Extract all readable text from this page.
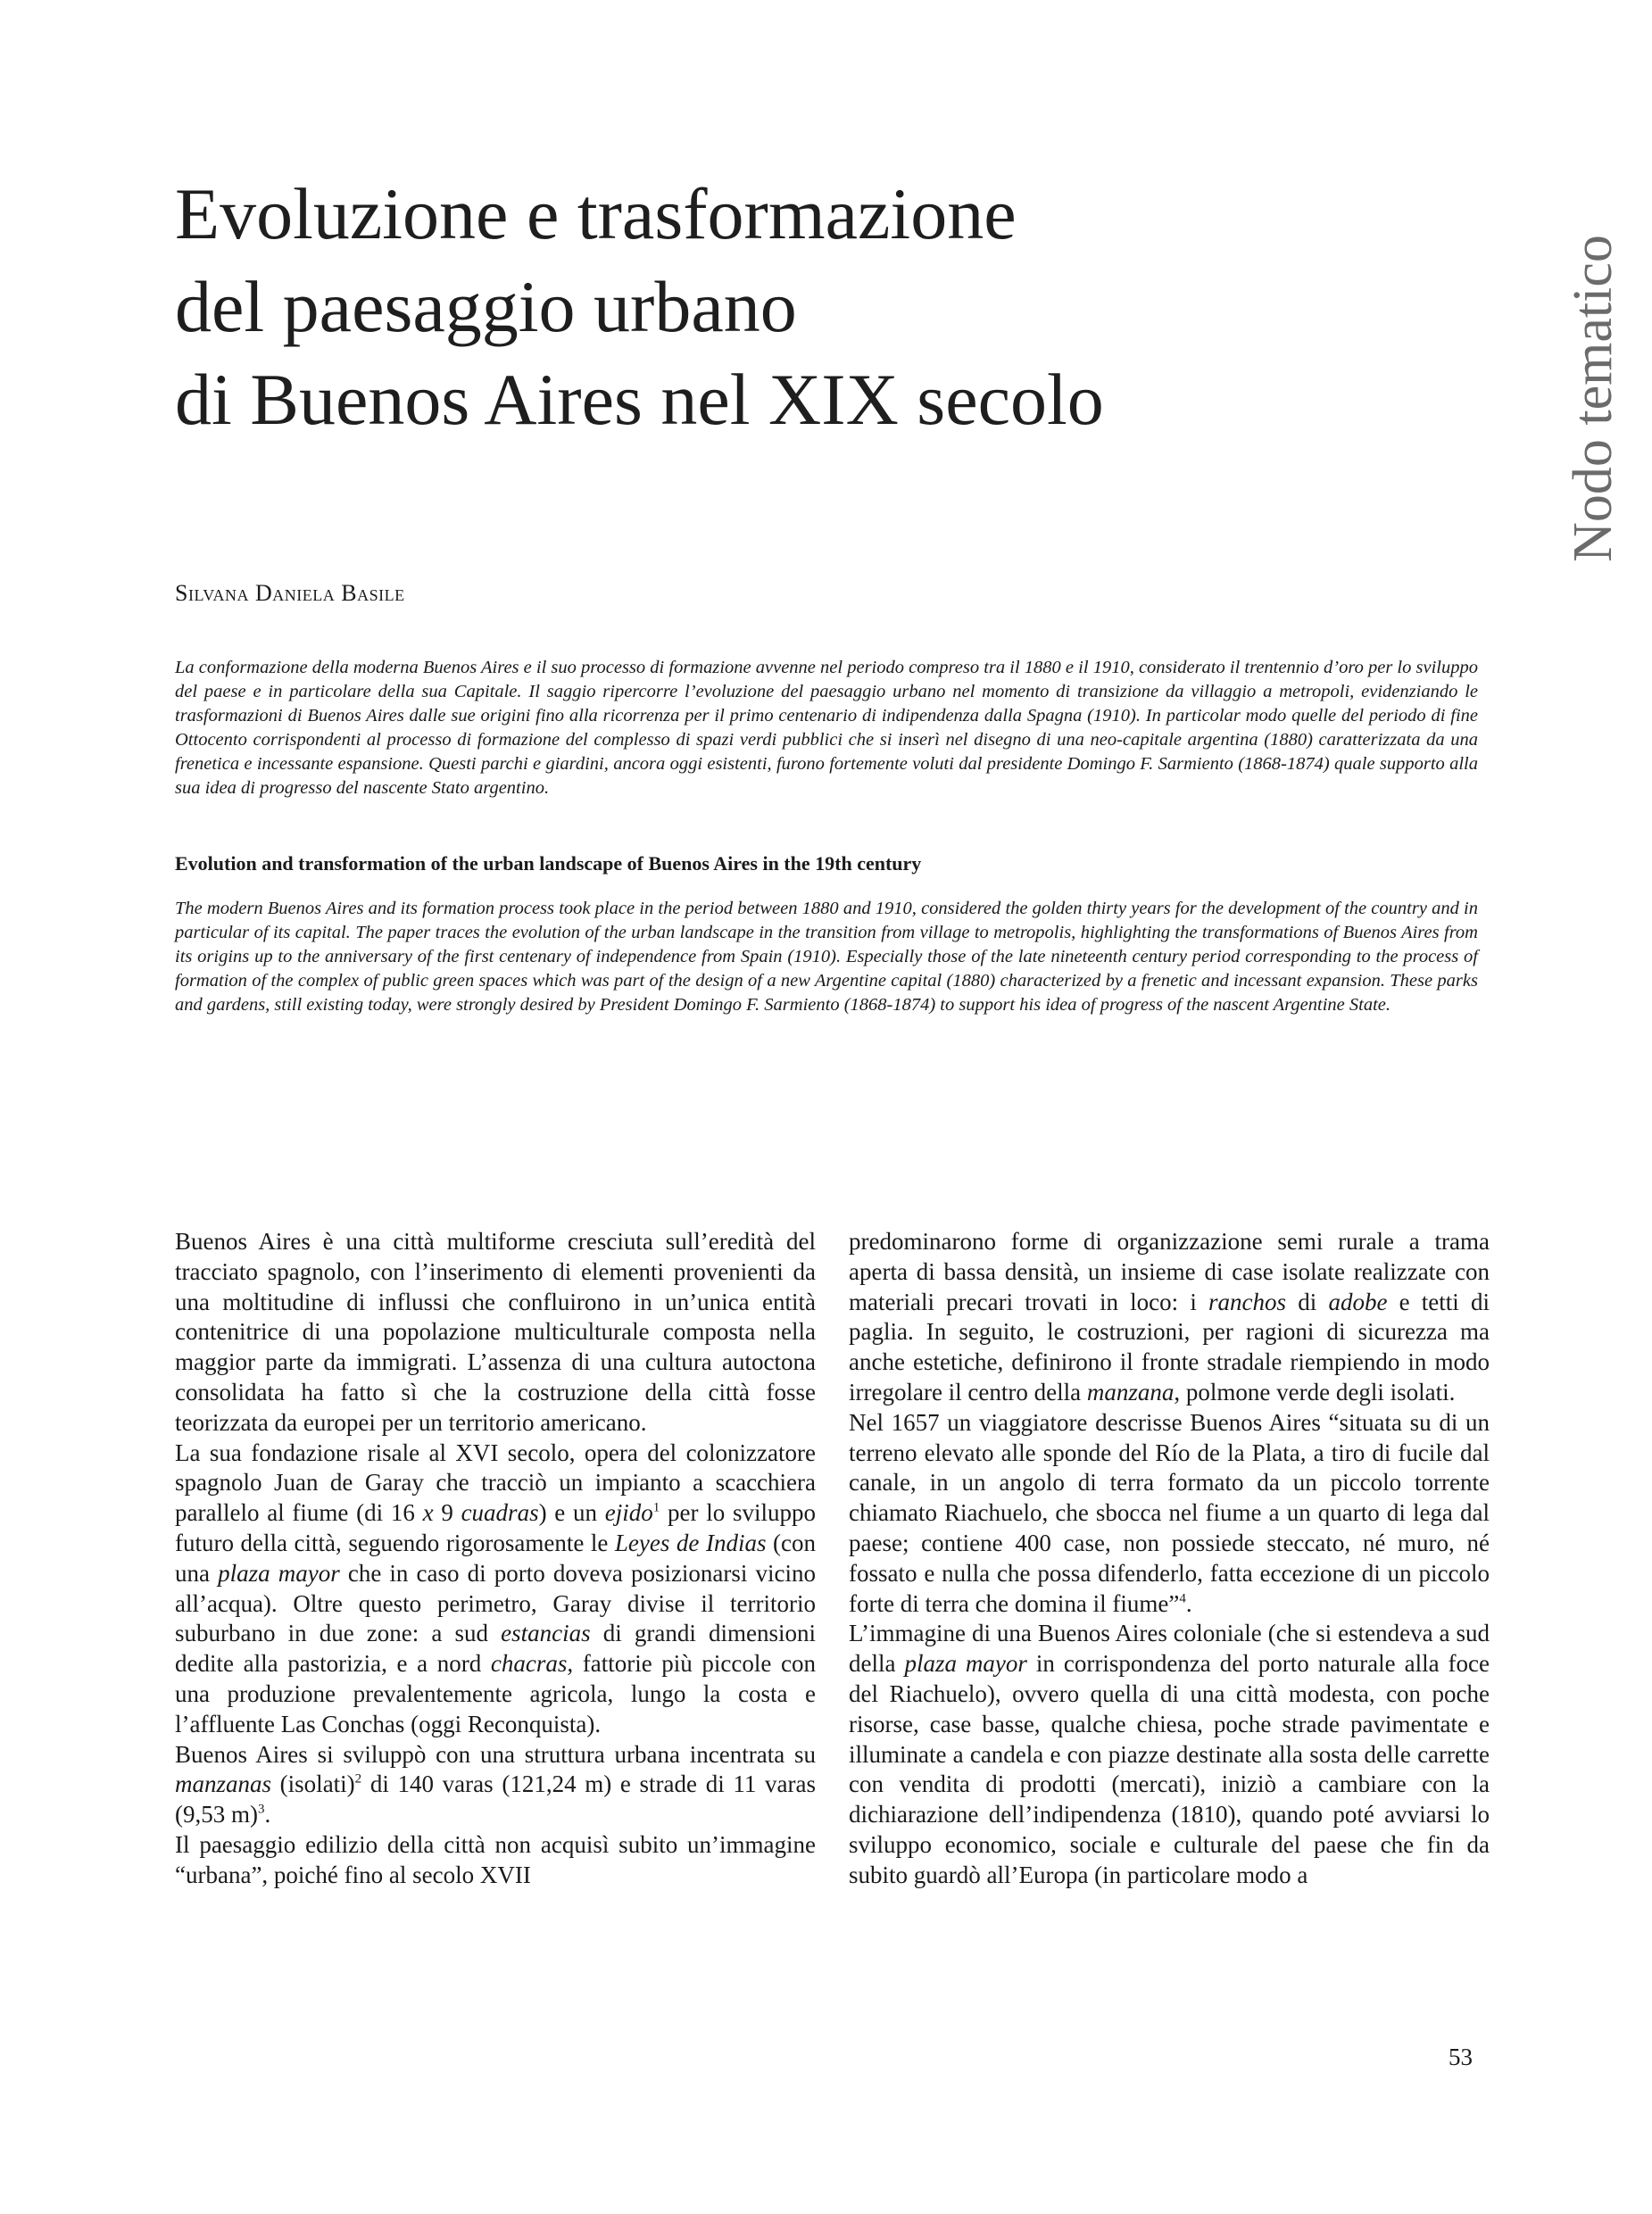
Evoluzione e trasformazione
del paesaggio urbano
di Buenos Aires nel XIX secolo	Nodo tematico
Silvana Daniela Basile

La conformazione della moderna Buenos Aires e il suo processo di formazione avvenne nel periodo compreso tra il 1880 e il 1910, considerato il trentennio d’oro per lo sviluppo del paese e in particolare della sua Capitale. Il saggio ripercorre l’evoluzione del paesaggio urbano nel momento di transizione da villaggio a metropoli, evidenziando le trasformazioni di Buenos Aires dalle sue origini fino alla ricorrenza per il primo centenario di indipendenza dalla Spagna (1910). In particolar modo quelle del periodo di fine Ottocento corrispondenti al processo di formazione del complesso di spazi verdi pubblici che si inserì nel disegno di una neo-capitale argentina (1880) caratterizzata da una frenetica e incessante espansione. Questi parchi e giardini, ancora oggi esistenti, furono fortemente voluti dal presidente Domingo F. Sarmiento (1868-1874) quale supporto alla sua idea di progresso del nascente Stato argentino.

Evolution and transformation of the urban landscape of Buenos Aires in the 19th century

The modern Buenos Aires and its formation process took place in the period between 1880 and 1910, considered the golden thirty years for the development of the country and in particular of its capital. The paper traces the evolution of the urban landscape in the transition from village to metropolis, highlighting the transformations of Buenos Aires from its origins up to the anniversary of the first centenary of independence from Spain (1910). Especially those of the late nineteenth century period corresponding to the process of formation of the complex of public green spaces which was part of the design of a new Argentine capital (1880) characterized by a frenetic and incessant expansion. These parks and gardens, still existing today, were strongly desired by President Domingo F. Sarmiento (1868-1874) to support his idea of progress of the nascent Argentine State.

Buenos Aires è una città multiforme cresciuta sull’eredità del tracciato spagnolo, con l’inserimento di elementi provenienti da una moltitudine di influssi che confluirono in un’unica entità contenitrice di una popolazione multiculturale composta nella maggior parte da immigrati. L’assenza di una cultura autoctona consolidata ha fatto sì che la costruzione della città fosse teorizzata da europei per un territorio americano.

La sua fondazione risale al XVI secolo, opera del colonizzatore spagnolo Juan de Garay che tracciò un impianto a scacchiera parallelo al fiume (di 16 x 9 cuadras) e un ejido$^1$ per lo sviluppo futuro della città, seguendo rigorosamente le Leyes de Indias (con una plaza mayor che in caso di porto doveva posizionarsi vicino all’acqua). Oltre questo perimetro, Garay divise il territorio suburbano in due zone: a sud estancias di grandi dimensioni dedite alla pastorizia, e a nord chacras, fattorie più piccole con una produzione prevalentemente agricola, lungo la costa e l’affluente Las Conchas (oggi Reconquista).

Buenos Aires si sviluppò con una struttura urbana incentrata su manzanas (isolati)$^2$ di 140 varas (121,24 m) e strade di 11 varas (9,53 m)$^3$.

Il paesaggio edilizio della città non acquisì subito un’immagine “urbana”, poiché fino al secolo XVII

predominarono forme di organizzazione semi rurale a trama aperta di bassa densità, un insieme di case isolate realizzate con materiali precari trovati in loco: i ranchos di adobe e tetti di paglia. In seguito, le costruzioni, per ragioni di sicurezza ma anche estetiche, definirono il fronte stradale riempiendo in modo irregolare il centro della manzana, polmone verde degli isolati.

Nel 1657 un viaggiatore descrisse Buenos Aires “situata su di un terreno elevato alle sponde del Río de la Plata, a tiro di fucile dal canale, in un angolo di terra formato da un piccolo torrente chiamato Riachuelo, che sbocca nel fiume a un quarto di lega dal paese; contiene 400 case, non possiede steccato, né muro, né fossato e nulla che possa difenderlo, fatta eccezione di un piccolo forte di terra che domina il fiume”$^4$.

L’immagine di una Buenos Aires coloniale (che si estendeva a sud della plaza mayor in corrispondenza del porto naturale alla foce del Riachuelo), ovvero quella di una città modesta, con poche risorse, case basse, qualche chiesa, poche strade pavimentate e illuminate a candela e con piazze destinate alla sosta delle carrette con vendita di prodotti (mercati), iniziò a cambiare con la dichiarazione dell’indipendenza (1810), quando poté avviarsi lo sviluppo economico, sociale e culturale del paese che fin da subito guardò all’Europa (in particolare modo a

53
